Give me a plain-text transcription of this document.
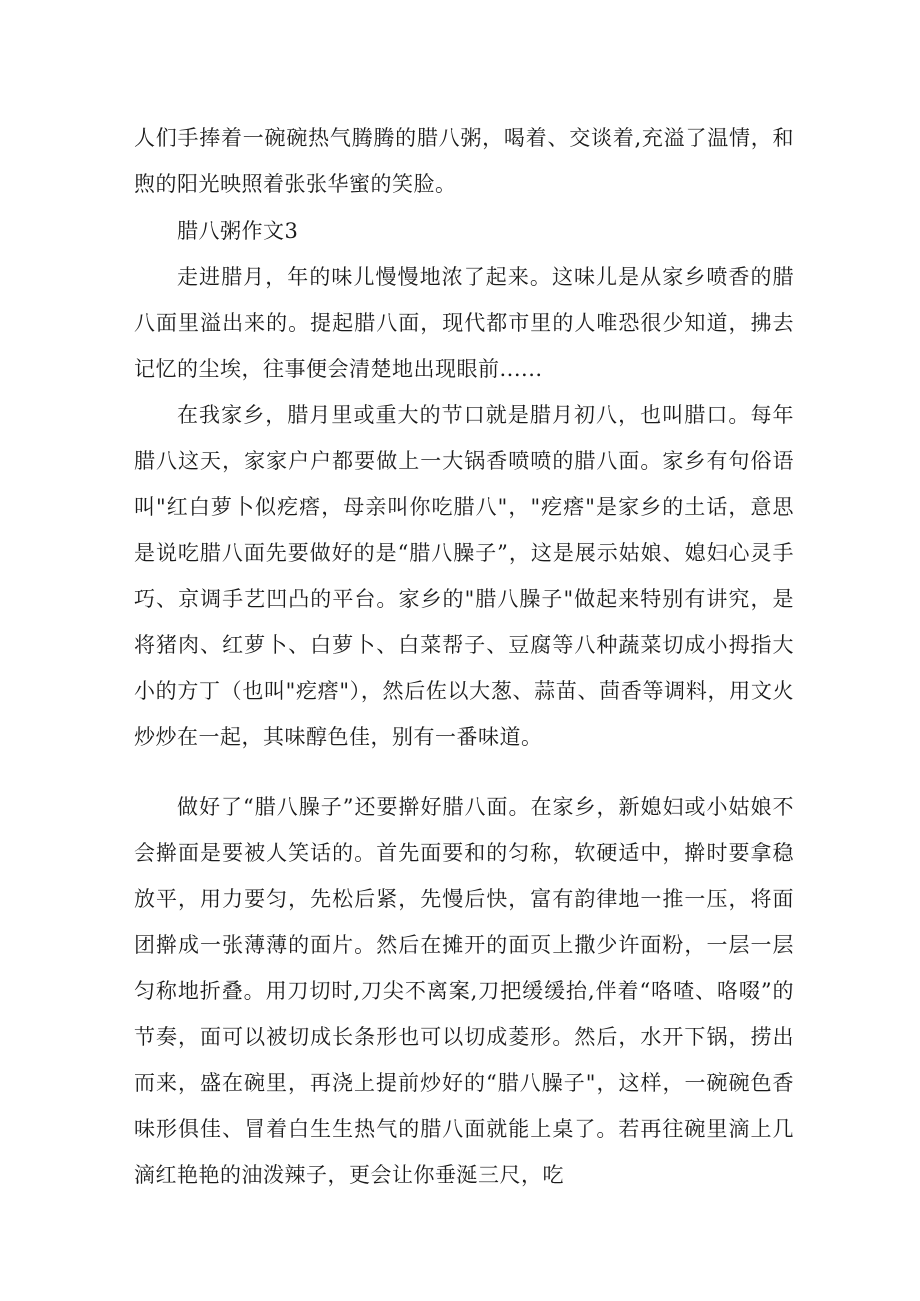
人们手捧着一碗碗热气腾腾的腊八粥，喝着、交谈着,充溢了温情，和煦的阳光映照着张张华蜜的笑脸。

腊八粥作文3

走进腊月，年的味儿慢慢地浓了起来。这味儿是从家乡喷香的腊八面里溢出来的。提起腊八面，现代都市里的人唯恐很少知道，拂去记忆的尘埃，往事便会清楚地出现眼前......

在我家乡，腊月里或重大的节口就是腊月初八，也叫腊口。每年腊八这天，家家户户都要做上一大锅香喷喷的腊八面。家乡有句俗语叫"红白萝卜似疙瘩，母亲叫你吃腊八"，"疙瘩"是家乡的土话，意思是说吃腊八面先要做好的是“腊八臊子”，这是展示姑娘、媳妇心灵手巧、京调手艺凹凸的平台。家乡的"腊八臊子"做起来特别有讲究，是将猪肉、红萝卜、白萝卜、白菜帮子、豆腐等八种蔬菜切成小拇指大小的方丁（也叫"疙瘩"），然后佐以大葱、蒜苗、茴香等调料，用文火炒炒在一起，其味醇色佳，别有一番味道。

做好了“腊八臊子”还要擀好腊八面。在家乡，新媳妇或小姑娘不会擀面是要被人笑话的。首先面要和的匀称，软硬适中，擀时要拿稳放平，用力要匀，先松后紧，先慢后快，富有韵律地一推一压，将面团擀成一张薄薄的面片。然后在摊开的面页上撒少许面粉，一层一层匀称地折叠。用刀切时,刀尖不离案,刀把缓缓抬,伴着“咯喳、咯啜”的节奏，面可以被切成长条形也可以切成菱形。然后，水开下锅，捞出而来，盛在碗里，再浇上提前炒好的“腊八臊子"，这样，一碗碗色香味形俱佳、冒着白生生热气的腊八面就能上桌了。若再往碗里滴上几滴红艳艳的油泼辣子，更会让你垂涎三尺，吃
